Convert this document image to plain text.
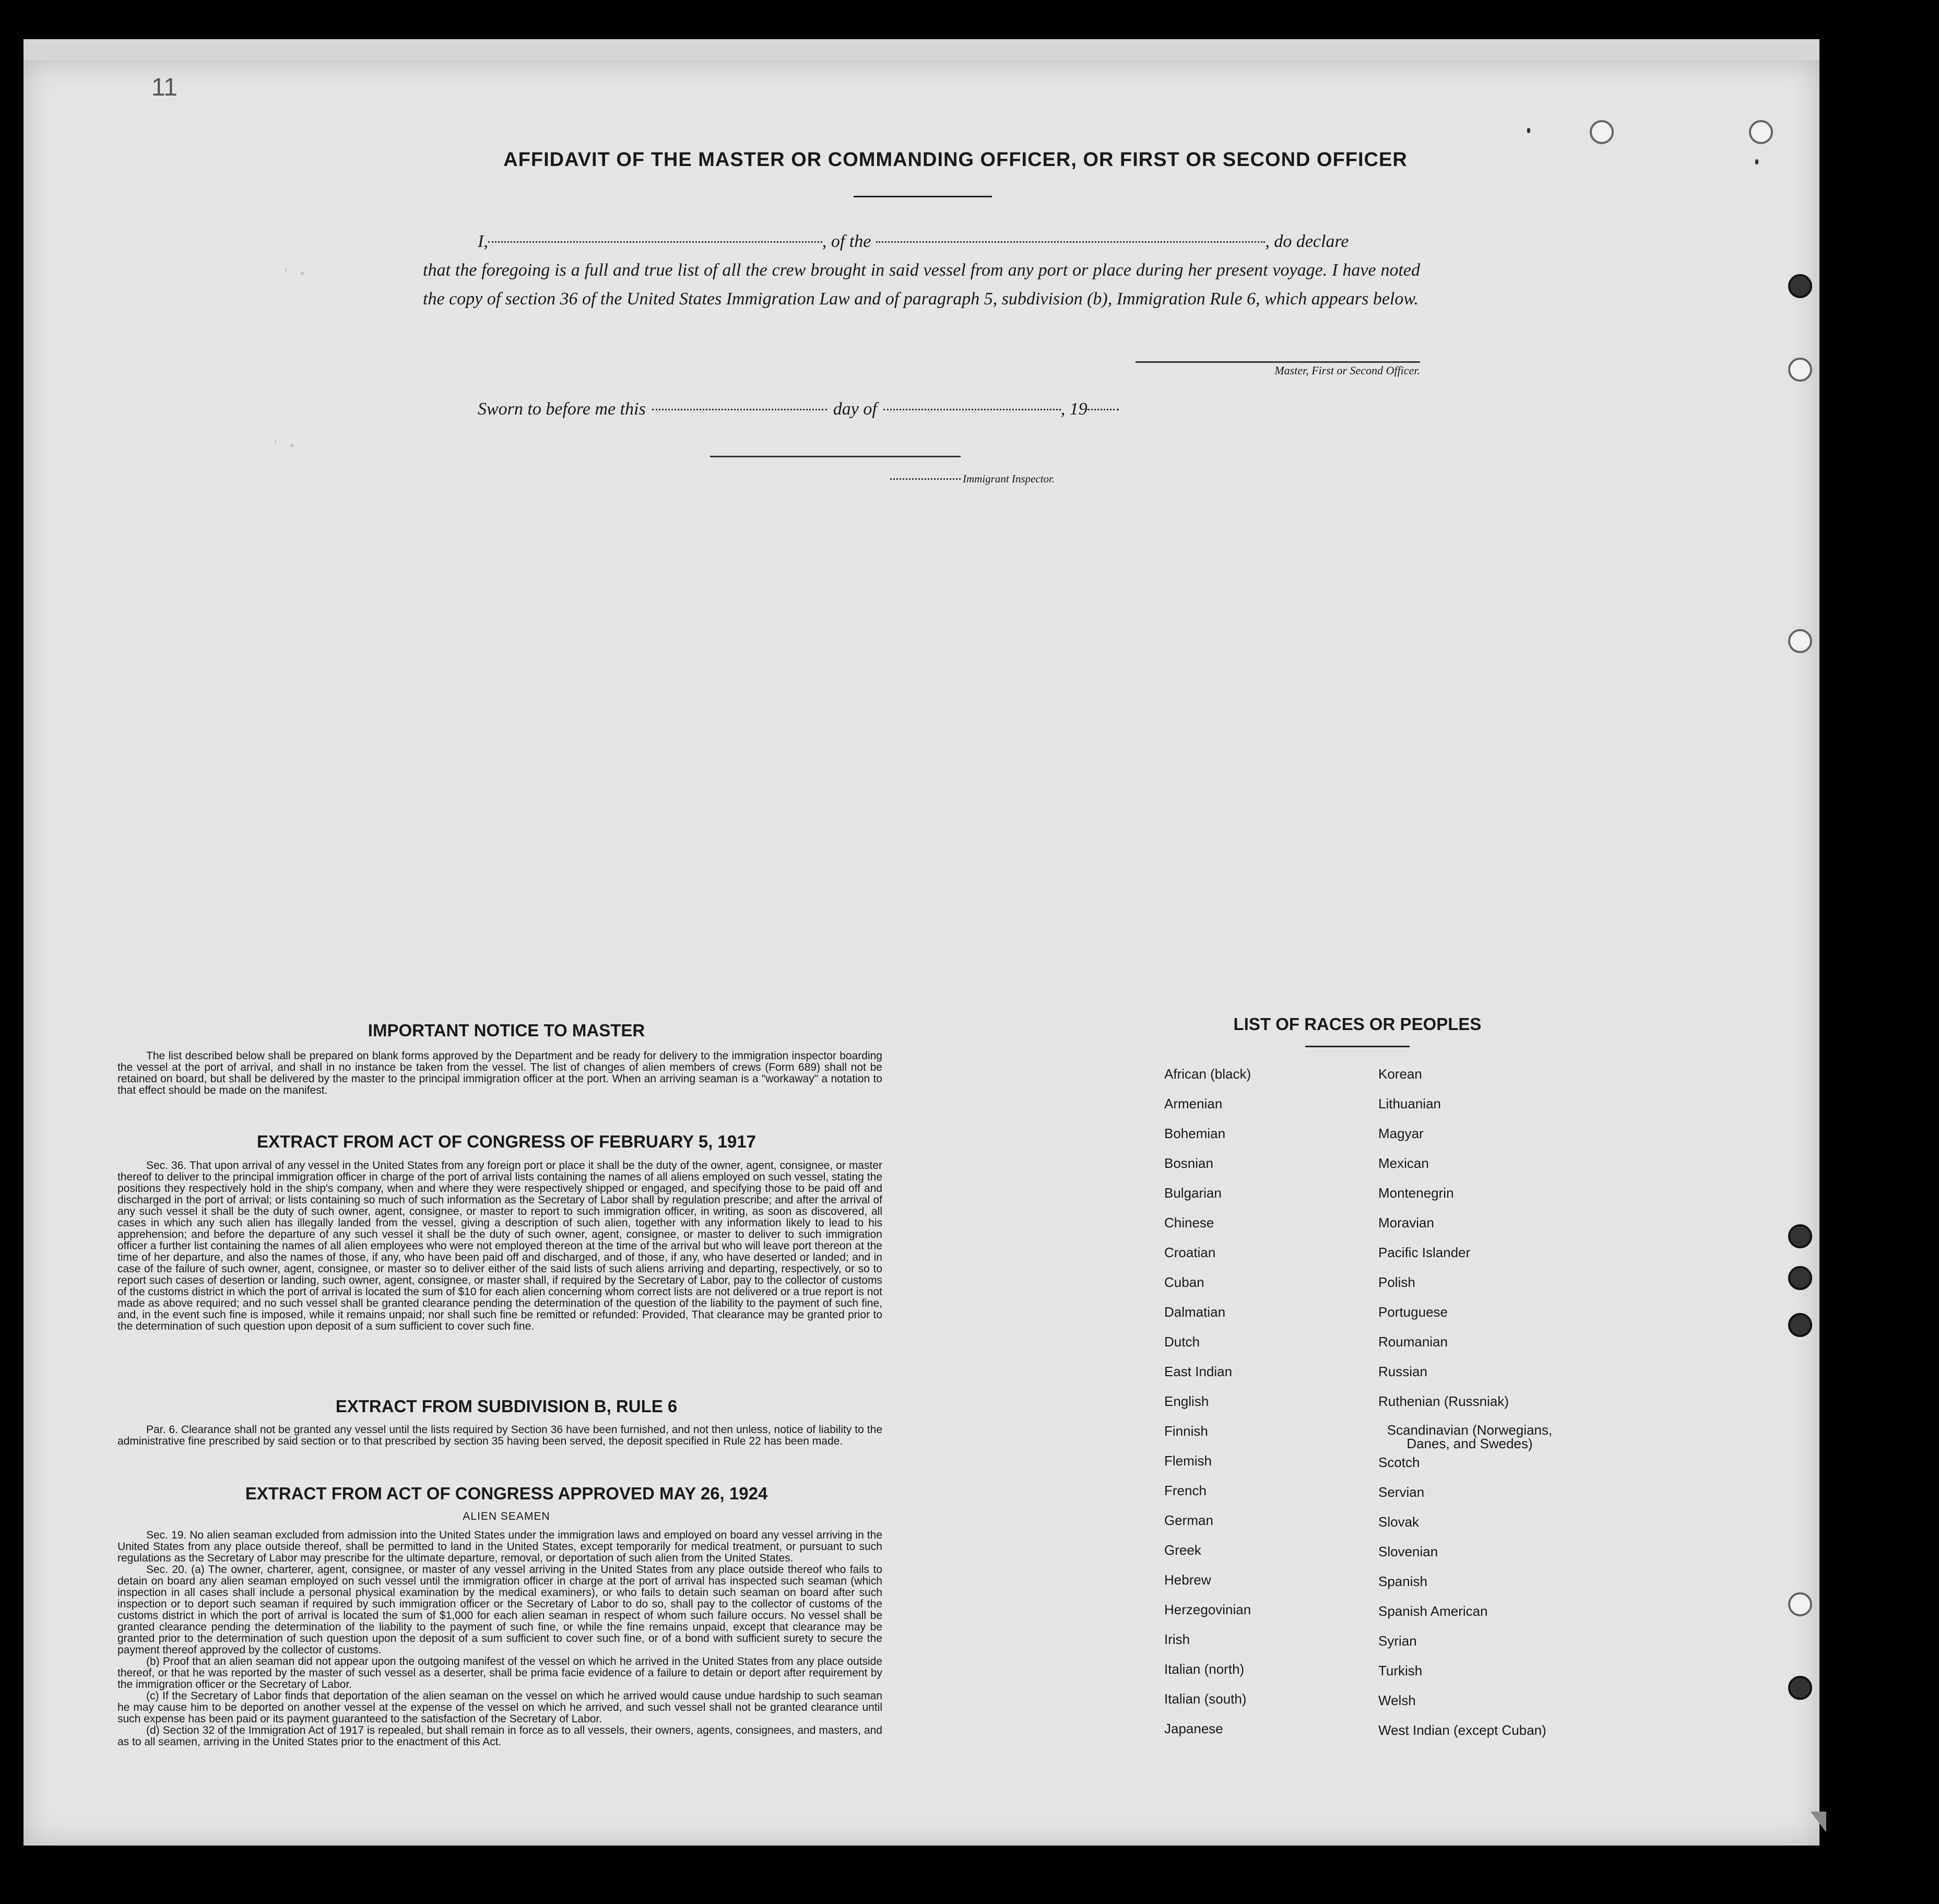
11
' •
' •
AFFIDAVIT OF THE MASTER OR COMMANDING OFFICER, OR FIRST OR SECOND OFFICER
I,	, of the	, do declare
that the foregoing is a full and true list of all the crew brought in said vessel from any port or place during her present voyage. I have noted the copy of section 36 of the United States Immigration Law and of paragraph 5, subdivision (b), Immigration Rule 6, which appears below.
Master, First or Second Officer.
Sworn to before me this	day of	, 19
Immigrant Inspector.
IMPORTANT NOTICE TO MASTER

The list described below shall be prepared on blank forms approved by the Department and be ready for delivery to the immigration inspector boarding the vessel at the port of arrival, and shall in no instance be taken from the vessel. The list of changes of alien members of crews (Form 689) shall not be retained on board, but shall be delivered by the master to the principal immigration officer at the port. When an arriving seaman is a "workaway" a notation to that effect should be made on the manifest.

EXTRACT FROM ACT OF CONGRESS OF FEBRUARY 5, 1917

Sec. 36. That upon arrival of any vessel in the United States from any foreign port or place it shall be the duty of the owner, agent, consignee, or master thereof to deliver to the principal immigration officer in charge of the port of arrival lists containing the names of all aliens employed on such vessel, stating the positions they respectively hold in the ship's company, when and where they were respectively shipped or engaged, and specifying those to be paid off and discharged in the port of arrival; or lists containing so much of such information as the Secretary of Labor shall by regulation prescribe; and after the arrival of any such vessel it shall be the duty of such owner, agent, consignee, or master to report to such immigration officer, in writing, as soon as discovered, all cases in which any such alien has illegally landed from the vessel, giving a description of such alien, together with any information likely to lead to his apprehension; and before the departure of any such vessel it shall be the duty of such owner, agent, consignee, or master to deliver to such immigration officer a further list containing the names of all alien employees who were not employed thereon at the time of the arrival but who will leave port thereon at the time of her departure, and also the names of those, if any, who have been paid off and discharged, and of those, if any, who have deserted or landed; and in case of the failure of such owner, agent, consignee, or master so to deliver either of the said lists of such aliens arriving and departing, respectively, or so to report such cases of desertion or landing, such owner, agent, consignee, or master shall, if required by the Secretary of Labor, pay to the collector of customs of the customs district in which the port of arrival is located the sum of $10 for each alien concerning whom correct lists are not delivered or a true report is not made as above required; and no such vessel shall be granted clearance pending the determination of the question of the liability to the payment of such fine, and, in the event such fine is imposed, while it remains unpaid; nor shall such fine be remitted or refunded: Provided, That clearance may be granted prior to the determination of such question upon deposit of a sum sufficient to cover such fine.

EXTRACT FROM SUBDIVISION B, RULE 6

Par. 6. Clearance shall not be granted any vessel until the lists required by Section 36 have been furnished, and not then unless, notice of liability to the administrative fine prescribed by said section or to that prescribed by section 35 having been served, the deposit specified in Rule 22 has been made.

EXTRACT FROM ACT OF CONGRESS APPROVED MAY 26, 1924
ALIEN SEAMEN

Sec. 19. No alien seaman excluded from admission into the United States under the immigration laws and employed on board any vessel arriving in the United States from any place outside thereof, shall be permitted to land in the United States, except temporarily for medical treatment, or pursuant to such regulations as the Secretary of Labor may prescribe for the ultimate departure, removal, or deportation of such alien from the United States.

Sec. 20. (a) The owner, charterer, agent, consignee, or master of any vessel arriving in the United States from any place outside thereof who fails to detain on board any alien seaman employed on such vessel until the immigration officer in charge at the port of arrival has inspected such seaman (which inspection in all cases shall include a personal physical examination by the medical examiners), or who fails to detain such seaman on board after such inspection or to deport such seaman if required by such immigration officer or the Secretary of Labor to do so, shall pay to the collector of customs of the customs district in which the port of arrival is located the sum of $1,000 for each alien seaman in respect of whom such failure occurs. No vessel shall be granted clearance pending the determination of the liability to the payment of such fine, or while the fine remains unpaid, except that clearance may be granted prior to the determination of such question upon the deposit of a sum sufficient to cover such fine, or of a bond with sufficient surety to secure the payment thereof approved by the collector of customs.

(b) Proof that an alien seaman did not appear upon the outgoing manifest of the vessel on which he arrived in the United States from any place outside thereof, or that he was reported by the master of such vessel as a deserter, shall be prima facie evidence of a failure to detain or deport after requirement by the immigration officer or the Secretary of Labor.

(c) If the Secretary of Labor finds that deportation of the alien seaman on the vessel on which he arrived would cause undue hardship to such seaman he may cause him to be deported on another vessel at the expense of the vessel on which he arrived, and such vessel shall not be granted clearance until such expense has been paid or its payment guaranteed to the satisfaction of the Secretary of Labor.

(d) Section 32 of the Immigration Act of 1917 is repealed, but shall remain in force as to all vessels, their owners, agents, consignees, and masters, and as to all seamen, arriving in the United States prior to the enactment of this Act.

LIST OF RACES OR PEOPLES
African (black)
Armenian
Bohemian
Bosnian
Bulgarian
Chinese
Croatian
Cuban
Dalmatian
Dutch
East Indian
English
Finnish
Flemish
French
German
Greek
Hebrew
Herzegovinian
Irish
Italian (north)
Italian (south)
Japanese
Korean
Lithuanian
Magyar
Mexican
Montenegrin
Moravian
Pacific Islander
Polish
Portuguese
Roumanian
Russian
Ruthenian (Russniak)
Scandinavian (Norwegians, Danes, and Swedes)
Scotch
Servian
Slovak
Slovenian
Spanish
Spanish American
Syrian
Turkish
Welsh
West Indian (except Cuban)
